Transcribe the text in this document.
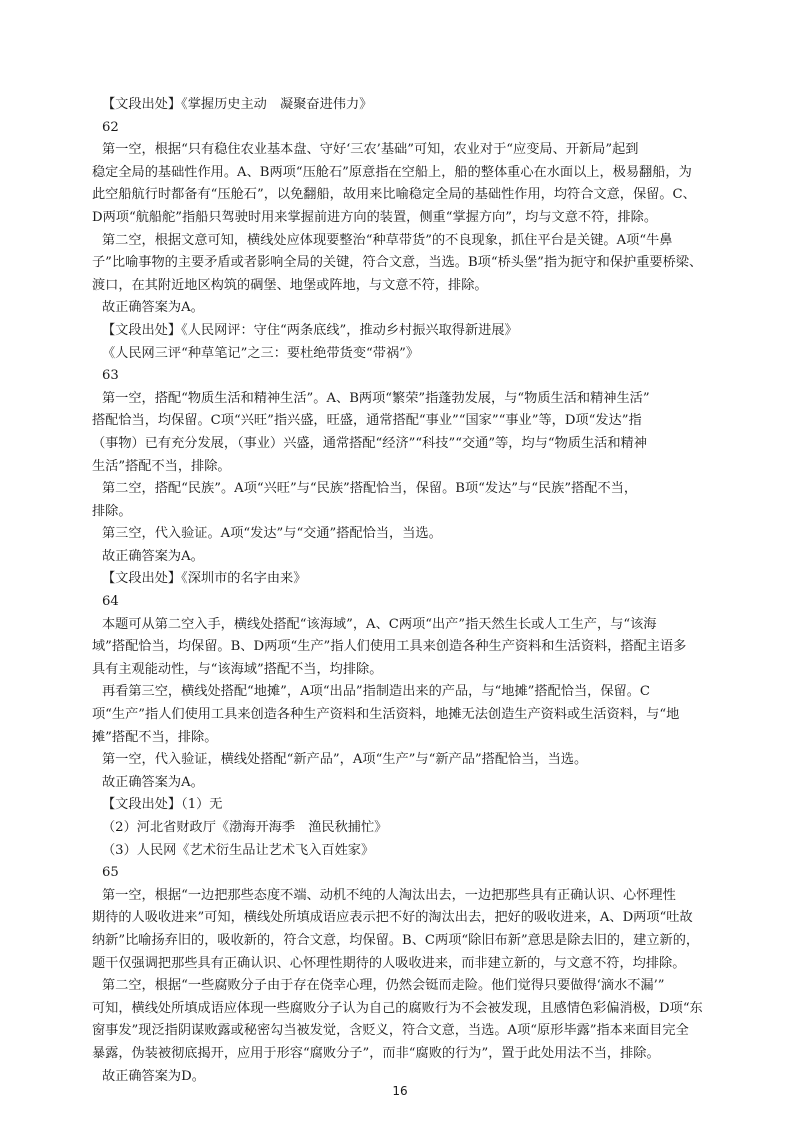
【文段出处】《掌握历史主动　凝聚奋进伟力》
62
第一空，根据“只有稳住农业基本盘、守好‘三农’基础”可知，农业对于“应变局、开新局”起到
稳定全局的基础性作用。A、B两项“压舱石”原意指在空船上，船的整体重心在水面以上，极易翻船，为
此空船航行时都备有“压舱石”，以免翻船，故用来比喻稳定全局的基础性作用，均符合文意，保留。C、
D两项“航船舵”指船只驾驶时用来掌握前进方向的装置，侧重“掌握方向”，均与文意不符，排除。
第二空，根据文意可知，横线处应体现要整治“种草带货”的不良现象，抓住平台是关键。A项“牛鼻
子”比喻事物的主要矛盾或者影响全局的关键，符合文意，当选。B项“桥头堡”指为扼守和保护重要桥梁、
渡口，在其附近地区构筑的碉堡、地堡或阵地，与文意不符，排除。
故正确答案为A。
【文段出处】《人民网评：守住“两条底线”，推动乡村振兴取得新进展》
《人民网三评“种草笔记”之三：要杜绝带货变“带祸”》
63
第一空，搭配“物质生活和精神生活”。A、B两项“繁荣”指蓬勃发展，与“物质生活和精神生活”
搭配恰当，均保留。C项“兴旺”指兴盛，旺盛，通常搭配“事业”“国家”“事业”等，D项“发达”指
（事物）已有充分发展，（事业）兴盛，通常搭配“经济”“科技”“交通”等，均与“物质生活和精神
生活”搭配不当，排除。
第二空，搭配“民族”。A项“兴旺”与“民族”搭配恰当，保留。B项“发达”与“民族”搭配不当，
排除。
第三空，代入验证。A项“发达”与“交通”搭配恰当，当选。
故正确答案为A。
【文段出处】《深圳市的名字由来》
64
本题可从第二空入手，横线处搭配“该海域”，A、C两项“出产”指天然生长或人工生产，与“该海
域”搭配恰当，均保留。B、D两项“生产”指人们使用工具来创造各种生产资料和生活资料，搭配主语多
具有主观能动性，与“该海域”搭配不当，均排除。
再看第三空，横线处搭配“地摊”，A项“出品”指制造出来的产品，与“地摊”搭配恰当，保留。C
项“生产”指人们使用工具来创造各种生产资料和生活资料，地摊无法创造生产资料或生活资料，与“地
摊”搭配不当，排除。
第一空，代入验证，横线处搭配“新产品”，A项“生产”与“新产品”搭配恰当，当选。
故正确答案为A。
【文段出处】（1）无
（2）河北省财政厅《渤海开海季　渔民秋捕忙》
（3）人民网《艺术衍生品让艺术飞入百姓家》
65
第一空，根据“一边把那些态度不端、动机不纯的人淘汰出去，一边把那些具有正确认识、心怀理性
期待的人吸收进来”可知，横线处所填成语应表示把不好的淘汰出去，把好的吸收进来，A、D两项“吐故
纳新”比喻扬弃旧的，吸收新的，符合文意，均保留。B、C两项“除旧布新”意思是除去旧的，建立新的，
题干仅强调把那些具有正确认识、心怀理性期待的人吸收进来，而非建立新的，与文意不符，均排除。
第二空，根据“一些腐败分子由于存在侥幸心理，仍然会铤而走险。他们觉得只要做得‘滴水不漏’”
可知，横线处所填成语应体现一些腐败分子认为自己的腐败行为不会被发现，且感情色彩偏消极，D项“东
窗事发”现泛指阴谋败露或秘密勾当被发觉，含贬义，符合文意，当选。A项“原形毕露”指本来面目完全
暴露，伪装被彻底揭开，应用于形容“腐败分子”，而非“腐败的行为”，置于此处用法不当，排除。
故正确答案为D。
16
